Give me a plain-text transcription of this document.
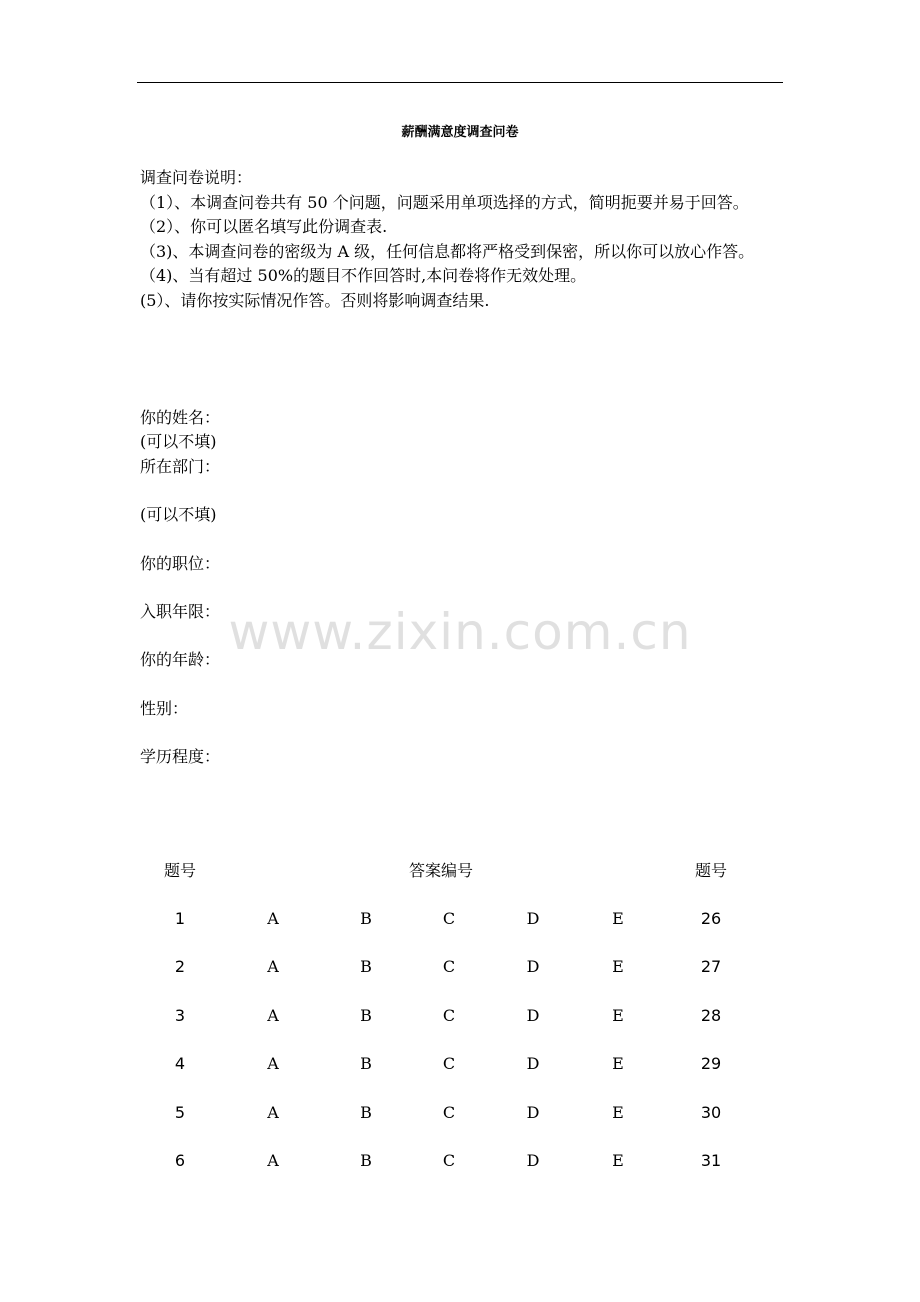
薪酬满意度调查问卷

调查问卷说明：

（1）、本调查问卷共有 50 个问题，问题采用单项选择的方式，简明扼要并易于回答。

（2）、你可以匿名填写此份调查表.

（3)、本调查问卷的密级为 A 级，任何信息都将严格受到保密，所以你可以放心作答。

（4)、当有超过 50%的题目不作回答时,本问卷将作无效处理。

(5）、请你按实际情况作答。否则将影响调查结果.

你的姓名：

(可以不填)

所在部门：

(可以不填)

你的职位：

入职年限：

你的年龄：

性别：

学历程度：

www.zixin.com.cn
题号	答案编号	题号
1	A	B	C	D	E	26
2	A	B	C	D	E	27
3	A	B	C	D	E	28
4	A	B	C	D	E	29
5	A	B	C	D	E	30
6	A	B	C	D	E	31
